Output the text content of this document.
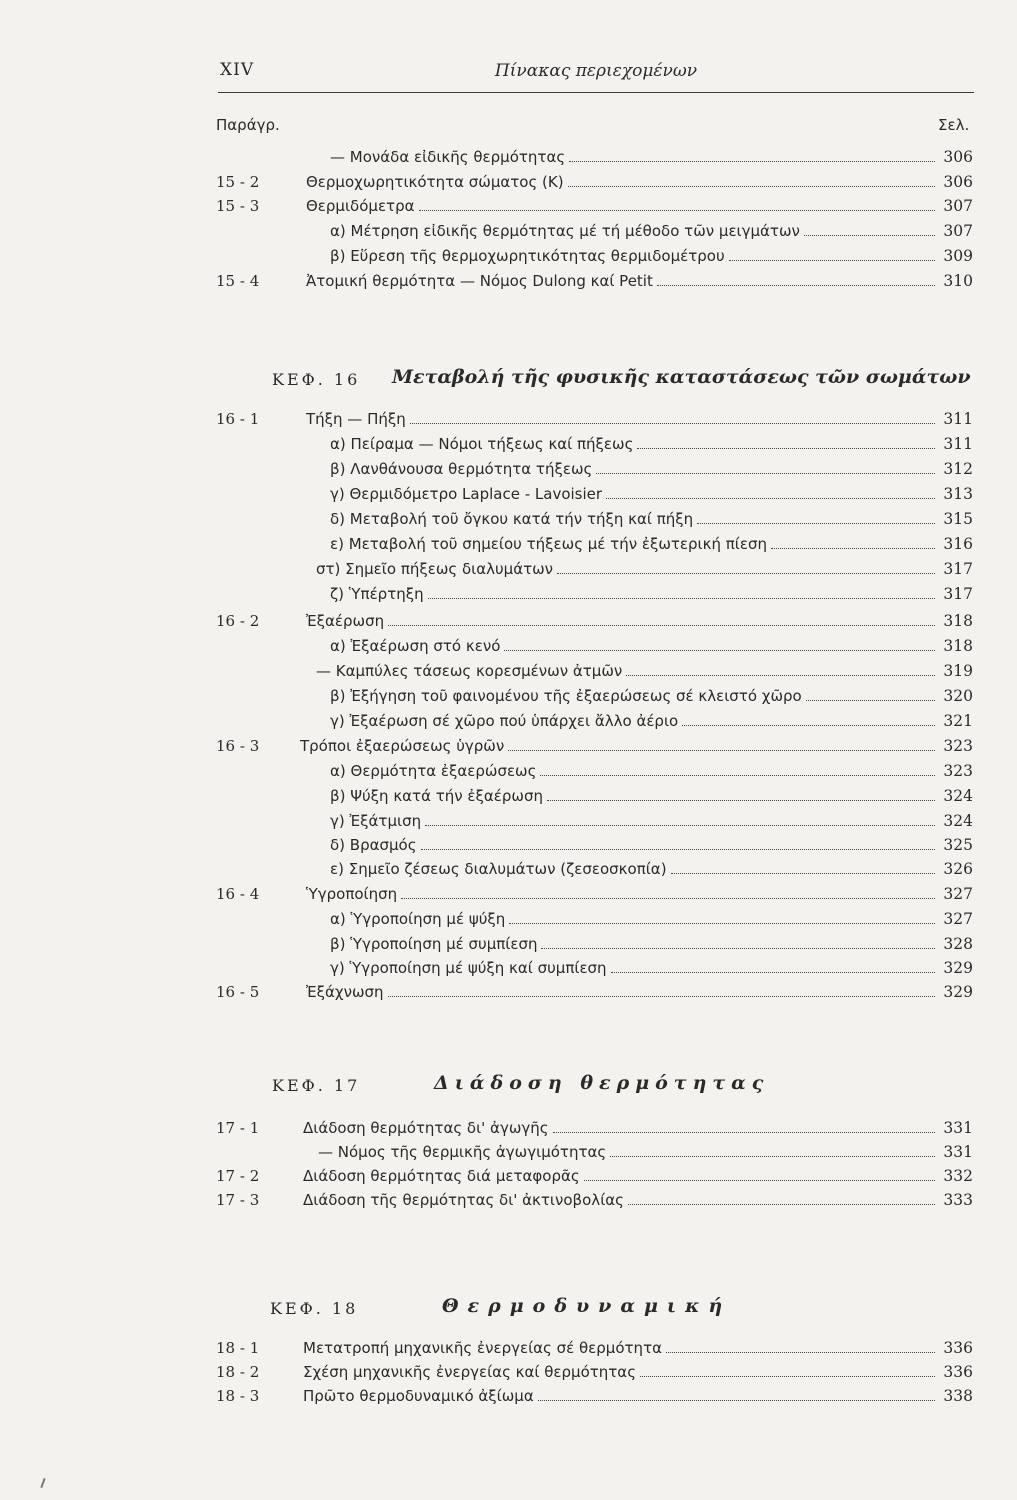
XIV	Πίνακας περιεχομένων
Παράγρ.	Σελ.
— Μονάδα εἰδικῆς θερμότητας	306
15 - 2	Θερμοχωρητικότητα σώματος (Κ)	306
15 - 3	Θερμιδόμετρα	307
α) Μέτρηση εἰδικῆς θερμότητας μέ τή μέθοδο τῶν μειγμάτων	307
β) Εὕρεση τῆς θερμοχωρητικότητας θερμιδομέτρου	309
15 - 4	Ἀτομική θερμότητα — Νόμος Dulong καί Petit	310
ΚΕΦ. 16 Μεταβολή τῆς φυσικῆς καταστάσεως τῶν σωμάτων
16 - 1	Τήξη — Πήξη	311
α) Πείραμα — Νόμοι τήξεως καί πήξεως	311
β) Λανθάνουσα θερμότητα τήξεως	312
γ) Θερμιδόμετρο Laplace - Lavoisier	313
δ) Μεταβολή τοῦ ὄγκου κατά τήν τήξη καί πήξη	315
ε) Μεταβολή τοῦ σημείου τήξεως μέ τήν ἐξωτερική πίεση	316
στ) Σημεῖο πήξεως διαλυμάτων	317
ζ) Ὑπέρτηξη	317
16 - 2	Ἐξαέρωση	318
α) Ἐξαέρωση στό κενό	318
— Καμπύλες τάσεως κορεσμένων ἀτμῶν	319
β) Ἐξήγηση τοῦ φαινομένου τῆς ἐξαερώσεως σέ κλειστό χῶρο	320
γ) Ἐξαέρωση σέ χῶρο πού ὑπάρχει ἄλλο ἀέριο	321
16 - 3	Τρόποι ἐξαερώσεως ὑγρῶν	323
α) Θερμότητα ἐξαερώσεως	323
β) Ψύξη κατά τήν ἐξαέρωση	324
γ) Ἐξάτμιση	324
δ) Βρασμός	325
ε) Σημεῖο ζέσεως διαλυμάτων (ζεσεοσκοπία)	326
16 - 4	Ὑγροποίηση	327
α) Ὑγροποίηση μέ ψύξη	327
β) Ὑγροποίηση μέ συμπίεση	328
γ) Ὑγροποίηση μέ ψύξη καί συμπίεση	329
16 - 5	Ἐξάχνωση	329
ΚΕΦ. 17	Διάδοση θερμότητας
17 - 1	Διάδοση θερμότητας δι' ἀγωγῆς	331
— Νόμος τῆς θερμικῆς ἀγωγιμότητας	331
17 - 2	Διάδοση θερμότητας διά μεταφορᾶς	332
17 - 3	Διάδοση τῆς θερμότητας δι' ἀκτινοβολίας	333
ΚΕΦ. 18	Θερμοδυναμική
18 - 1	Μετατροπή μηχανικῆς ἐνεργείας σέ θερμότητα	336
18 - 2	Σχέση μηχανικῆς ἐνεργείας καί θερμότητας	336
18 - 3	Πρῶτο θερμοδυναμικό ἀξίωμα	338
